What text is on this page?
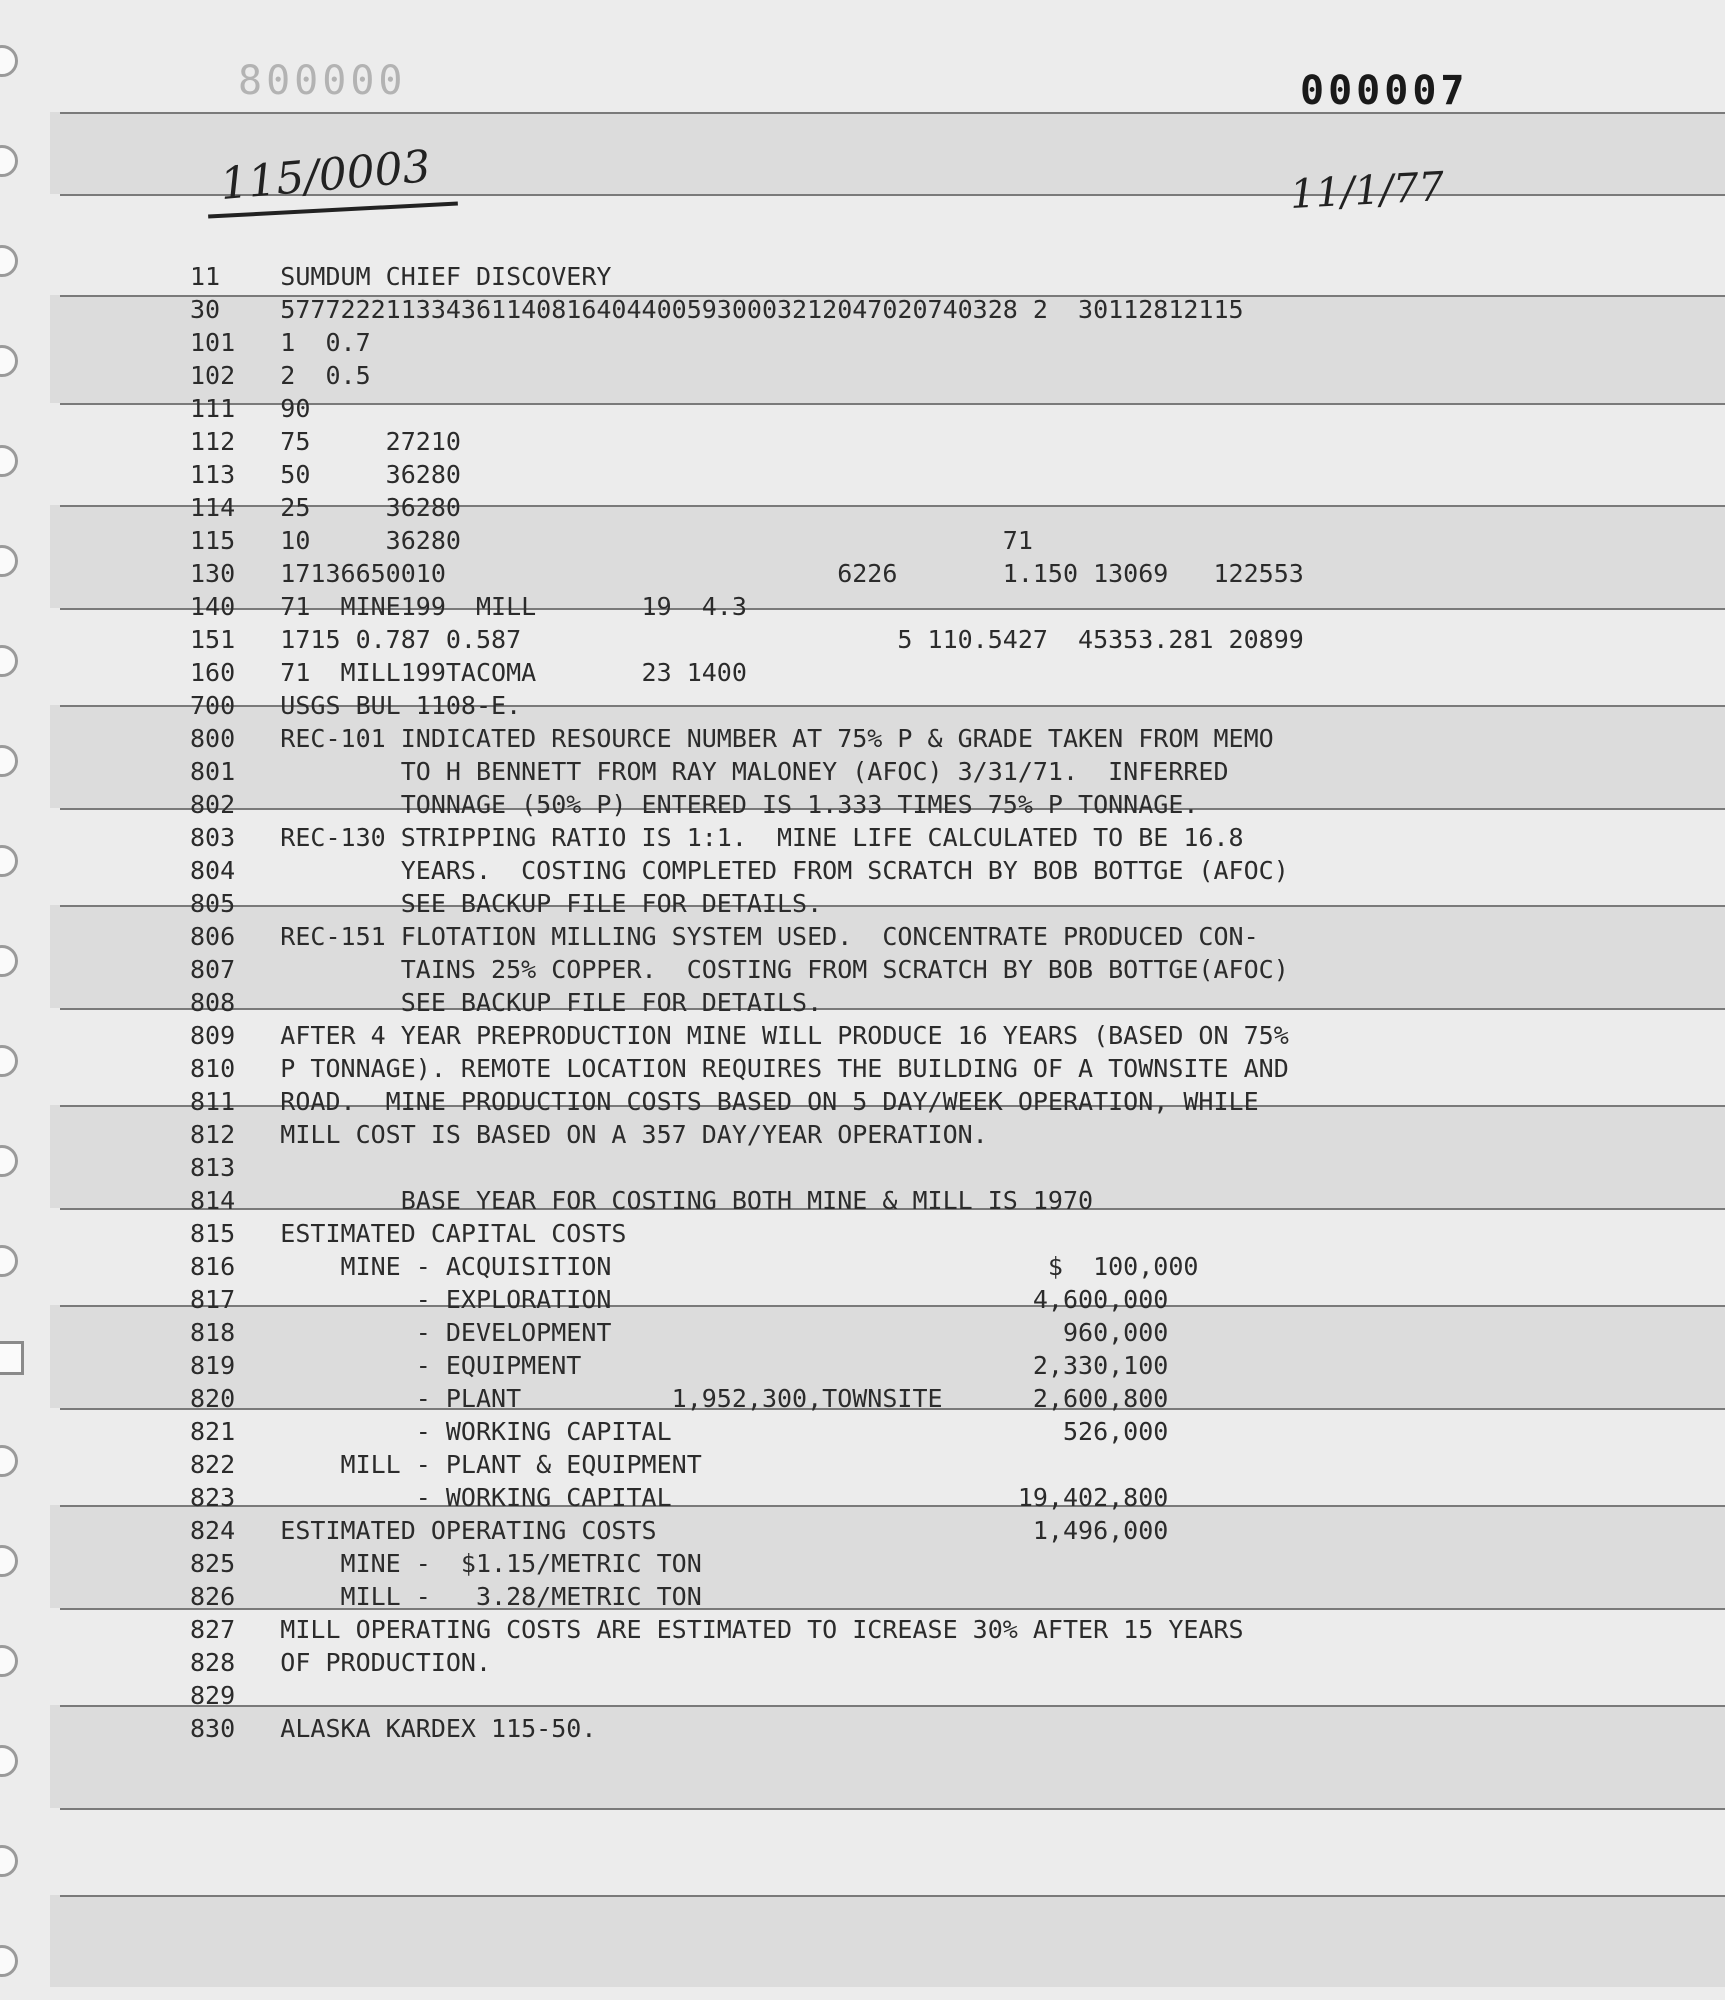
800000	000007
115/0003	11/1/77
11    SUMDUM CHIEF DISCOVERY
30    5777222113343611408164044005930003212047020740328 2  30112812115
101   1  0.7
102   2  0.5
111   90
112   75     27210
113   50     36280
114   25     36280
115   10     36280                                    71
130   17136650010                          6226       1.150 13069   122553
140   71  MINE199  MILL       19  4.3
151   1715 0.787 0.587                         5 110.5427  45353.281 20899
160   71  MILL199TACOMA       23 1400
700   USGS BUL 1108-E.
800   REC-101 INDICATED RESOURCE NUMBER AT 75% P & GRADE TAKEN FROM MEMO
801           TO H BENNETT FROM RAY MALONEY (AFOC) 3/31/71.  INFERRED
802           TONNAGE (50% P) ENTERED IS 1.333 TIMES 75% P TONNAGE.
803   REC-130 STRIPPING RATIO IS 1:1.  MINE LIFE CALCULATED TO BE 16.8
804           YEARS.  COSTING COMPLETED FROM SCRATCH BY BOB BOTTGE (AFOC)
805           SEE BACKUP FILE FOR DETAILS.
806   REC-151 FLOTATION MILLING SYSTEM USED.  CONCENTRATE PRODUCED CON-
807           TAINS 25% COPPER.  COSTING FROM SCRATCH BY BOB BOTTGE(AFOC)
808           SEE BACKUP FILE FOR DETAILS.
809   AFTER 4 YEAR PREPRODUCTION MINE WILL PRODUCE 16 YEARS (BASED ON 75%
810   P TONNAGE). REMOTE LOCATION REQUIRES THE BUILDING OF A TOWNSITE AND
811   ROAD.  MINE PRODUCTION COSTS BASED ON 5 DAY/WEEK OPERATION, WHILE
812   MILL COST IS BASED ON A 357 DAY/YEAR OPERATION.
813
814           BASE YEAR FOR COSTING BOTH MINE & MILL IS 1970
815   ESTIMATED CAPITAL COSTS
816       MINE - ACQUISITION                             $  100,000
817            - EXPLORATION                            4,600,000
818            - DEVELOPMENT                              960,000
819            - EQUIPMENT                              2,330,100
820            - PLANT          1,952,300,TOWNSITE      2,600,800
821            - WORKING CAPITAL                          526,000
822       MILL - PLANT & EQUIPMENT
823            - WORKING CAPITAL                       19,402,800
824   ESTIMATED OPERATING COSTS                         1,496,000
825       MINE -  $1.15/METRIC TON
826       MILL -   3.28/METRIC TON
827   MILL OPERATING COSTS ARE ESTIMATED TO ICREASE 30% AFTER 15 YEARS
828   OF PRODUCTION.
829
830   ALASKA KARDEX 115-50.
